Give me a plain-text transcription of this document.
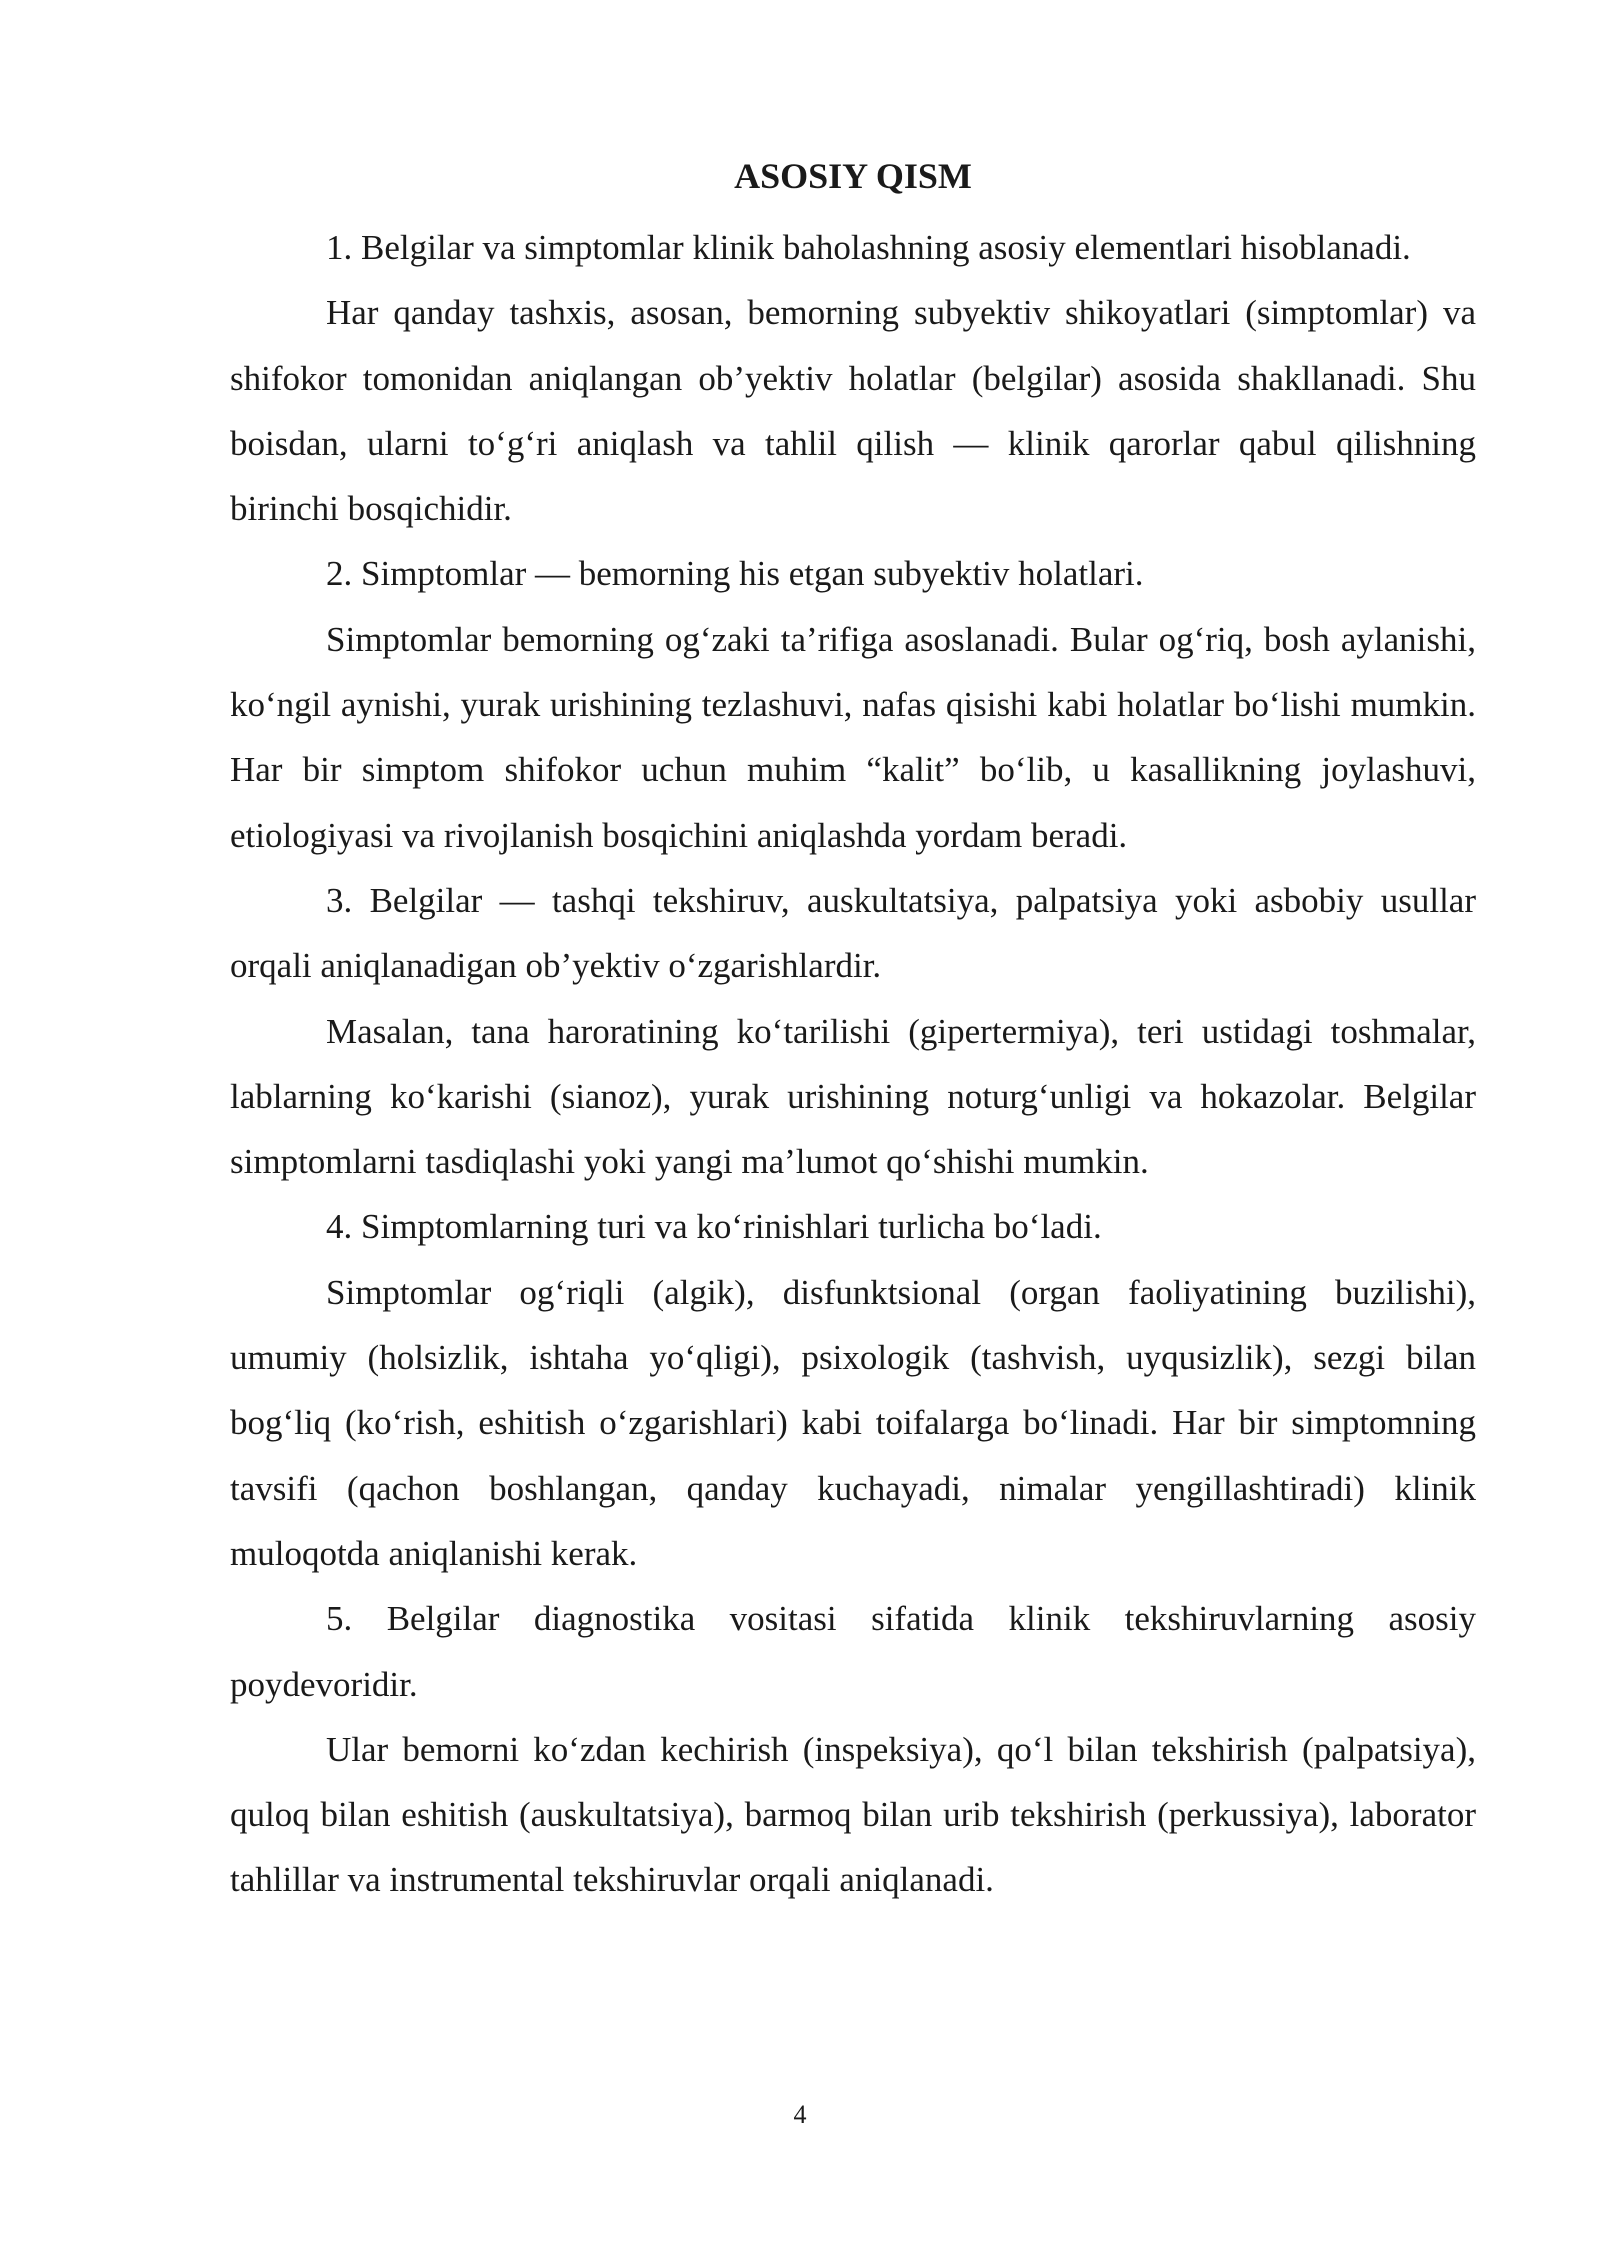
ASOSIY QISM

1. Belgilar va simptomlar klinik baholashning asosiy elementlari hisoblanadi.

Har qanday tashxis, asosan, bemorning subyektiv shikoyatlari (simptomlar) va shifokor tomonidan aniqlangan ob’yektiv holatlar (belgilar) asosida shakllanadi. Shu boisdan, ularni to‘g‘ri aniqlash va tahlil qilish — klinik qarorlar qabul qilishning birinchi bosqichidir.

2. Simptomlar — bemorning his etgan subyektiv holatlari.

Simptomlar bemorning og‘zaki ta’rifiga asoslanadi. Bular og‘riq, bosh aylanishi, ko‘ngil aynishi, yurak urishining tezlashuvi, nafas qisishi kabi holatlar bo‘lishi mumkin. Har bir simptom shifokor uchun muhim “kalit” bo‘lib, u kasallikning joylashuvi, etiologiyasi va rivojlanish bosqichini aniqlashda yordam beradi.

3. Belgilar — tashqi tekshiruv, auskultatsiya, palpatsiya yoki asbobiy usullar orqali aniqlanadigan ob’yektiv o‘zgarishlardir.

Masalan, tana haroratining ko‘tarilishi (gipertermiya), teri ustidagi toshmalar, lablarning ko‘karishi (sianoz), yurak urishining noturg‘unligi va hokazolar. Belgilar simptomlarni tasdiqlashi yoki yangi ma’lumot qo‘shishi mumkin.

4. Simptomlarning turi va ko‘rinishlari turlicha bo‘ladi.

Simptomlar og‘riqli (algik), disfunktsional (organ faoliyatining buzilishi), umumiy (holsizlik, ishtaha yo‘qligi), psixologik (tashvish, uyqusizlik), sezgi bilan bog‘liq (ko‘rish, eshitish o‘zgarishlari) kabi toifalarga bo‘linadi. Har bir simptomning tavsifi (qachon boshlangan, qanday kuchayadi, nimalar yengillashtiradi) klinik muloqotda aniqlanishi kerak.

5. Belgilar diagnostika vositasi sifatida klinik tekshiruvlarning asosiy poydevoridir.

Ular bemorni ko‘zdan kechirish (inspeksiya), qo‘l bilan tekshirish (palpatsiya), quloq bilan eshitish (auskultatsiya), barmoq bilan urib tekshirish (perkussiya), laborator tahlillar va instrumental tekshiruvlar orqali aniqlanadi.

4
